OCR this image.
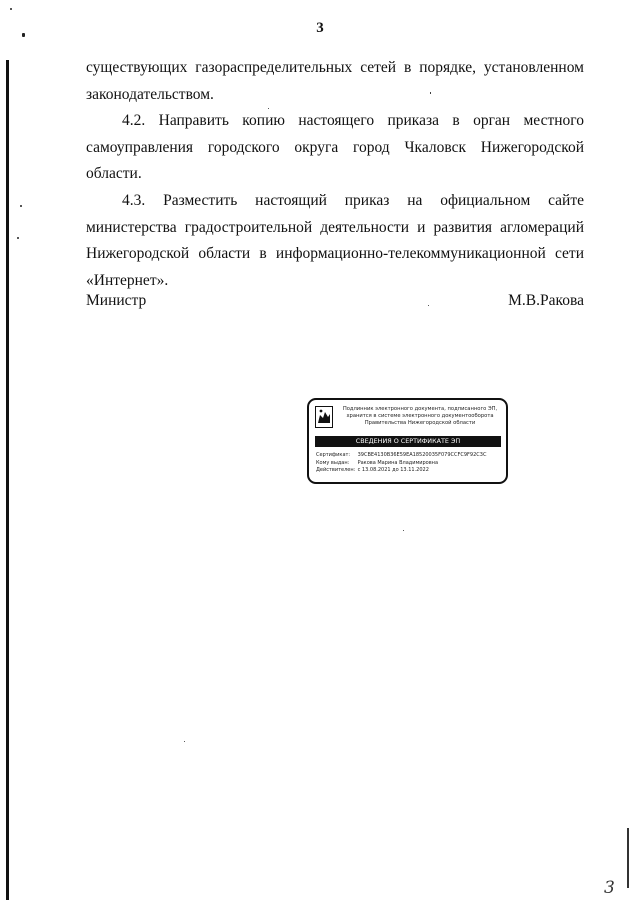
3

существующих газораспределительных сетей в порядке, установленном законодательством.

4.2. Направить копию настоящего приказа в орган местного самоуправления городского округа город Чкаловск Нижегородской области.

4.3. Разместить настоящий приказ на официальном сайте министерства градостроительной деятельности и развития агломераций Нижегородской области в информационно-телекоммуникационной сети «Интернет».

Министр	М.В.Ракова
Подлинник электронного документа, подписанного ЭП, хранится в системе электронного документооборота Правительства Нижегородской области
СВЕДЕНИЯ О СЕРТИФИКАТЕ ЭП
Сертификат: 39CBE4130B36E59EA18520035F079CCFC9F92C3C
Кому выдан: Ракова Марина Владимировна
Действителен: с 13.08.2021 до 13.11.2022
3
